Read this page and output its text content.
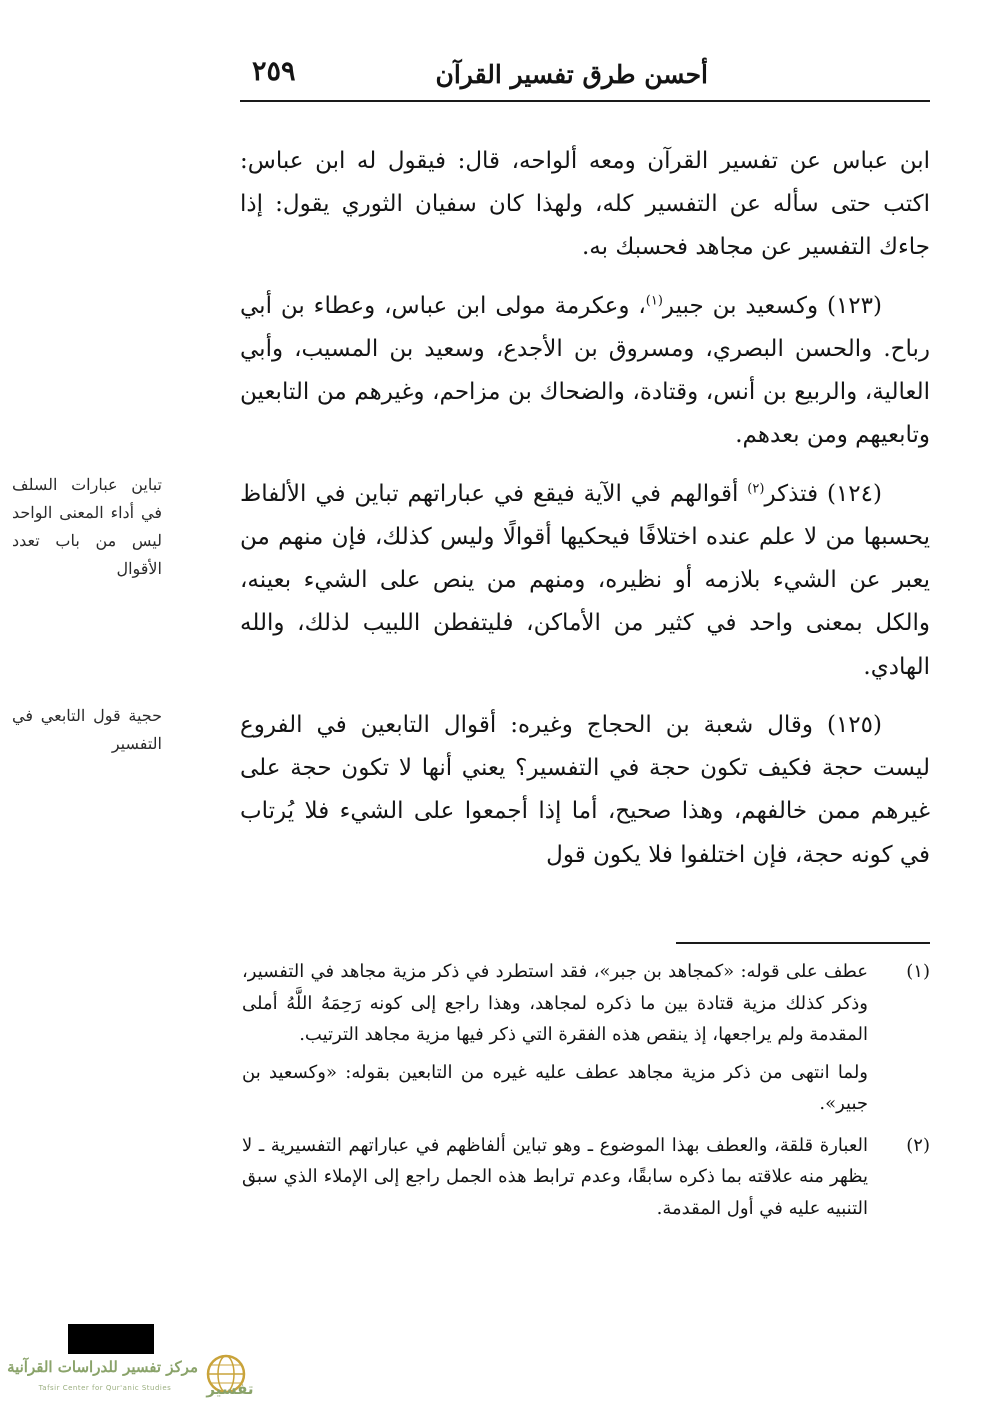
أحسن طرق تفسير القرآن
٢٥٩

ابن عباس عن تفسير القرآن ومعه ألواحه، قال: فيقول له ابن عباس: اكتب حتى سأله عن التفسير كله، ولهذا كان سفيان الثوري يقول: إذا جاءك التفسير عن مجاهد فحسبك به.

(١٢٣) وكسعيد بن جبير$^{(١)}$، وعكرمة مولى ابن عباس، وعطاء بن أبي رباح. والحسن البصري، ومسروق بن الأجدع، وسعيد بن المسيب، وأبي العالية، والربيع بن أنس، وقتادة، والضحاك بن مزاحم، وغيرهم من التابعين وتابعيهم ومن بعدهم.

تباين عبارات السلف في أداء المعنى الواحد ليس من باب تعدد الأقوال
(١٢٤) فتذكر$^{(٢)}$ أقوالهم في الآية فيقع في عباراتهم تباين في الألفاظ يحسبها من لا علم عنده اختلافًا فيحكيها أقوالًا وليس كذلك، فإن منهم من يعبر عن الشيء بلازمه أو نظيره، ومنهم من ينص على الشيء بعينه، والكل بمعنى واحد في كثير من الأماكن، فليتفطن اللبيب لذلك، والله الهادي.

حجية قول التابعي في التفسير
(١٢٥) وقال شعبة بن الحجاج وغيره: أقوال التابعين في الفروع ليست حجة فكيف تكون حجة في التفسير؟ يعني أنها لا تكون حجة على غيرهم ممن خالفهم، وهذا صحيح، أما إذا أجمعوا على الشيء فلا يُرتاب في كونه حجة، فإن اختلفوا فلا يكون قول

(١)

عطف على قوله: «كمجاهد بن جبر»، فقد استطرد في ذكر مزية مجاهد في التفسير، وذكر كذلك مزية قتادة بين ما ذكره لمجاهد، وهذا راجع إلى كونه رَحِمَهُ اللَّهُ أملى المقدمة ولم يراجعها، إذ ينقص هذه الفقرة التي ذكر فيها مزية مجاهد الترتيب.

ولما انتهى من ذكر مزية مجاهد عطف عليه غيره من التابعين بقوله: «وكسعيد بن جبير».

(٢)

العبارة قلقة، والعطف بهذا الموضوع ـ وهو تباين ألفاظهم في عباراتهم التفسيرية ـ لا يظهر منه علاقته بما ذكره سابقًا، وعدم ترابط هذه الجمل راجع إلى الإملاء الذي سبق التنبيه عليه في أول المقدمة.

مركز تفسير للدراسات القرآنية
Tafsir Center for Qur'anic Studies	تفسير
